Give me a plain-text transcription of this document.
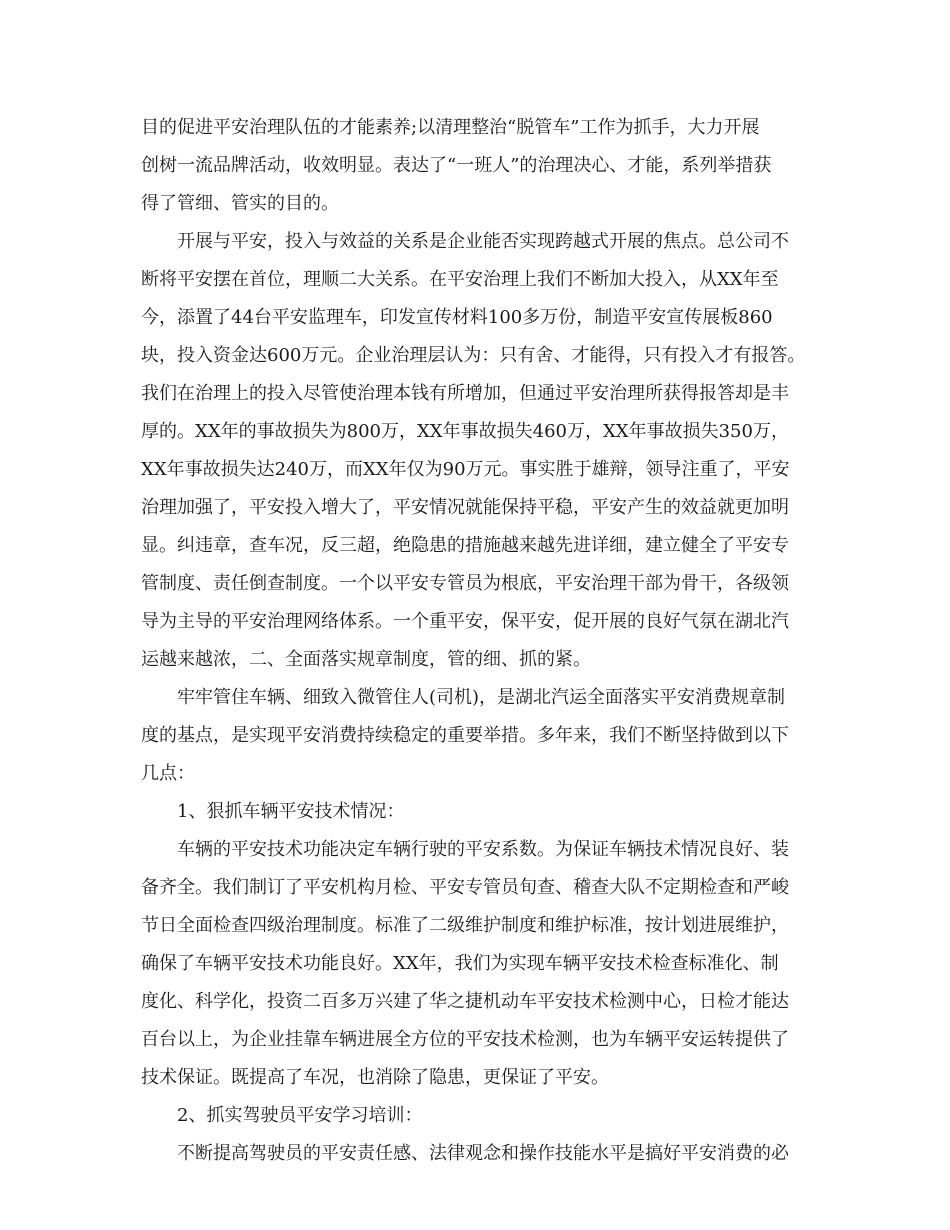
目的促进平安治理队伍的才能素养;以清理整治“脱管车”工作为抓手，大力开展
创树一流品牌活动，收效明显。表达了“一班人”的治理决心、才能，系列举措获
得了管细、管实的目的。
开展与平安，投入与效益的关系是企业能否实现跨越式开展的焦点。总公司不
断将平安摆在首位，理顺二大关系。在平安治理上我们不断加大投入，从XX年至
今，添置了44台平安监理车，印发宣传材料100多万份，制造平安宣传展板860
块，投入资金达600万元。企业治理层认为：只有舍、才能得，只有投入才有报答。
我们在治理上的投入尽管使治理本钱有所增加，但通过平安治理所获得报答却是丰
厚的。XX年的事故损失为800万，XX年事故损失460万，XX年事故损失350万，
XX年事故损失达240万，而XX年仅为90万元。事实胜于雄辩，领导注重了，平安
治理加强了，平安投入增大了，平安情况就能保持平稳，平安产生的效益就更加明
显。纠违章，查车况，反三超，绝隐患的措施越来越先进详细，建立健全了平安专
管制度、责任倒查制度。一个以平安专管员为根底，平安治理干部为骨干，各级领
导为主导的平安治理网络体系。一个重平安，保平安，促开展的良好气氛在湖北汽
运越来越浓，二、全面落实规章制度，管的细、抓的紧。
牢牢管住车辆、细致入微管住人(司机)，是湖北汽运全面落实平安消费规章制
度的基点，是实现平安消费持续稳定的重要举措。多年来，我们不断坚持做到以下
几点：
1、狠抓车辆平安技术情况：
车辆的平安技术功能决定车辆行驶的平安系数。为保证车辆技术情况良好、装
备齐全。我们制订了平安机构月检、平安专管员旬查、稽查大队不定期检查和严峻
节日全面检查四级治理制度。标准了二级维护制度和维护标准，按计划进展维护，
确保了车辆平安技术功能良好。XX年，我们为实现车辆平安技术检查标准化、制
度化、科学化，投资二百多万兴建了华之捷机动车平安技术检测中心，日检才能达
百台以上，为企业挂靠车辆进展全方位的平安技术检测，也为车辆平安运转提供了
技术保证。既提高了车况，也消除了隐患，更保证了平安。
2、抓实驾驶员平安学习培训：
不断提高驾驶员的平安责任感、法律观念和操作技能水平是搞好平安消费的必
